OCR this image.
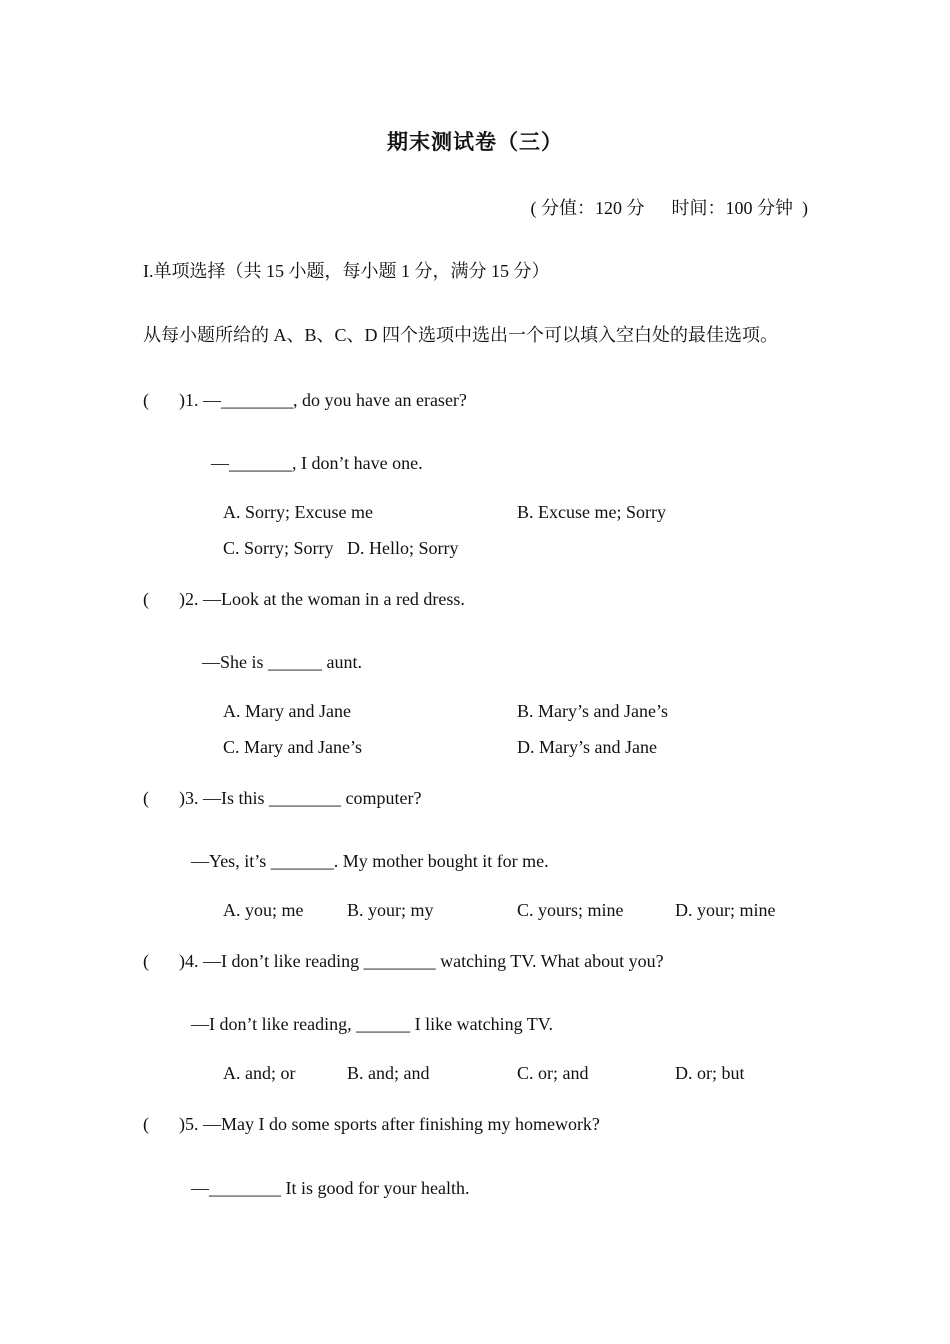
期末测试卷（三）
( 分值：120 分      时间：100 分钟  )
I.单项选择（共 15 小题，每小题 1 分，满分 15 分）
从每小题所给的 A、B、C、D 四个选项中选出一个可以填入空白处的最佳选项。
( )1. —________, do you have an eraser?
—_______, I don’t have one.
A. Sorry; Excuse me	B. Excuse me; Sorry
C. Sorry; Sorry D. Hello; Sorry
( )2. —Look at the woman in a red dress.
—She is ______ aunt.
A. Mary and Jane	B. Mary’s and Jane’s
C. Mary and Jane’s	D. Mary’s and Jane
( )3. —Is this ________ computer?
—Yes, it’s _______. My mother bought it for me.
A. you; me B. your; my	C. yours; mine	D. your; mine
( )4. —I don’t like reading ________ watching TV. What about you?
—I don’t like reading, ______ I like watching TV.
A. and; or	B. and; and	C. or; and	D. or; but
( )5. —May I do some sports after finishing my homework?
—________ It is good for your health.
